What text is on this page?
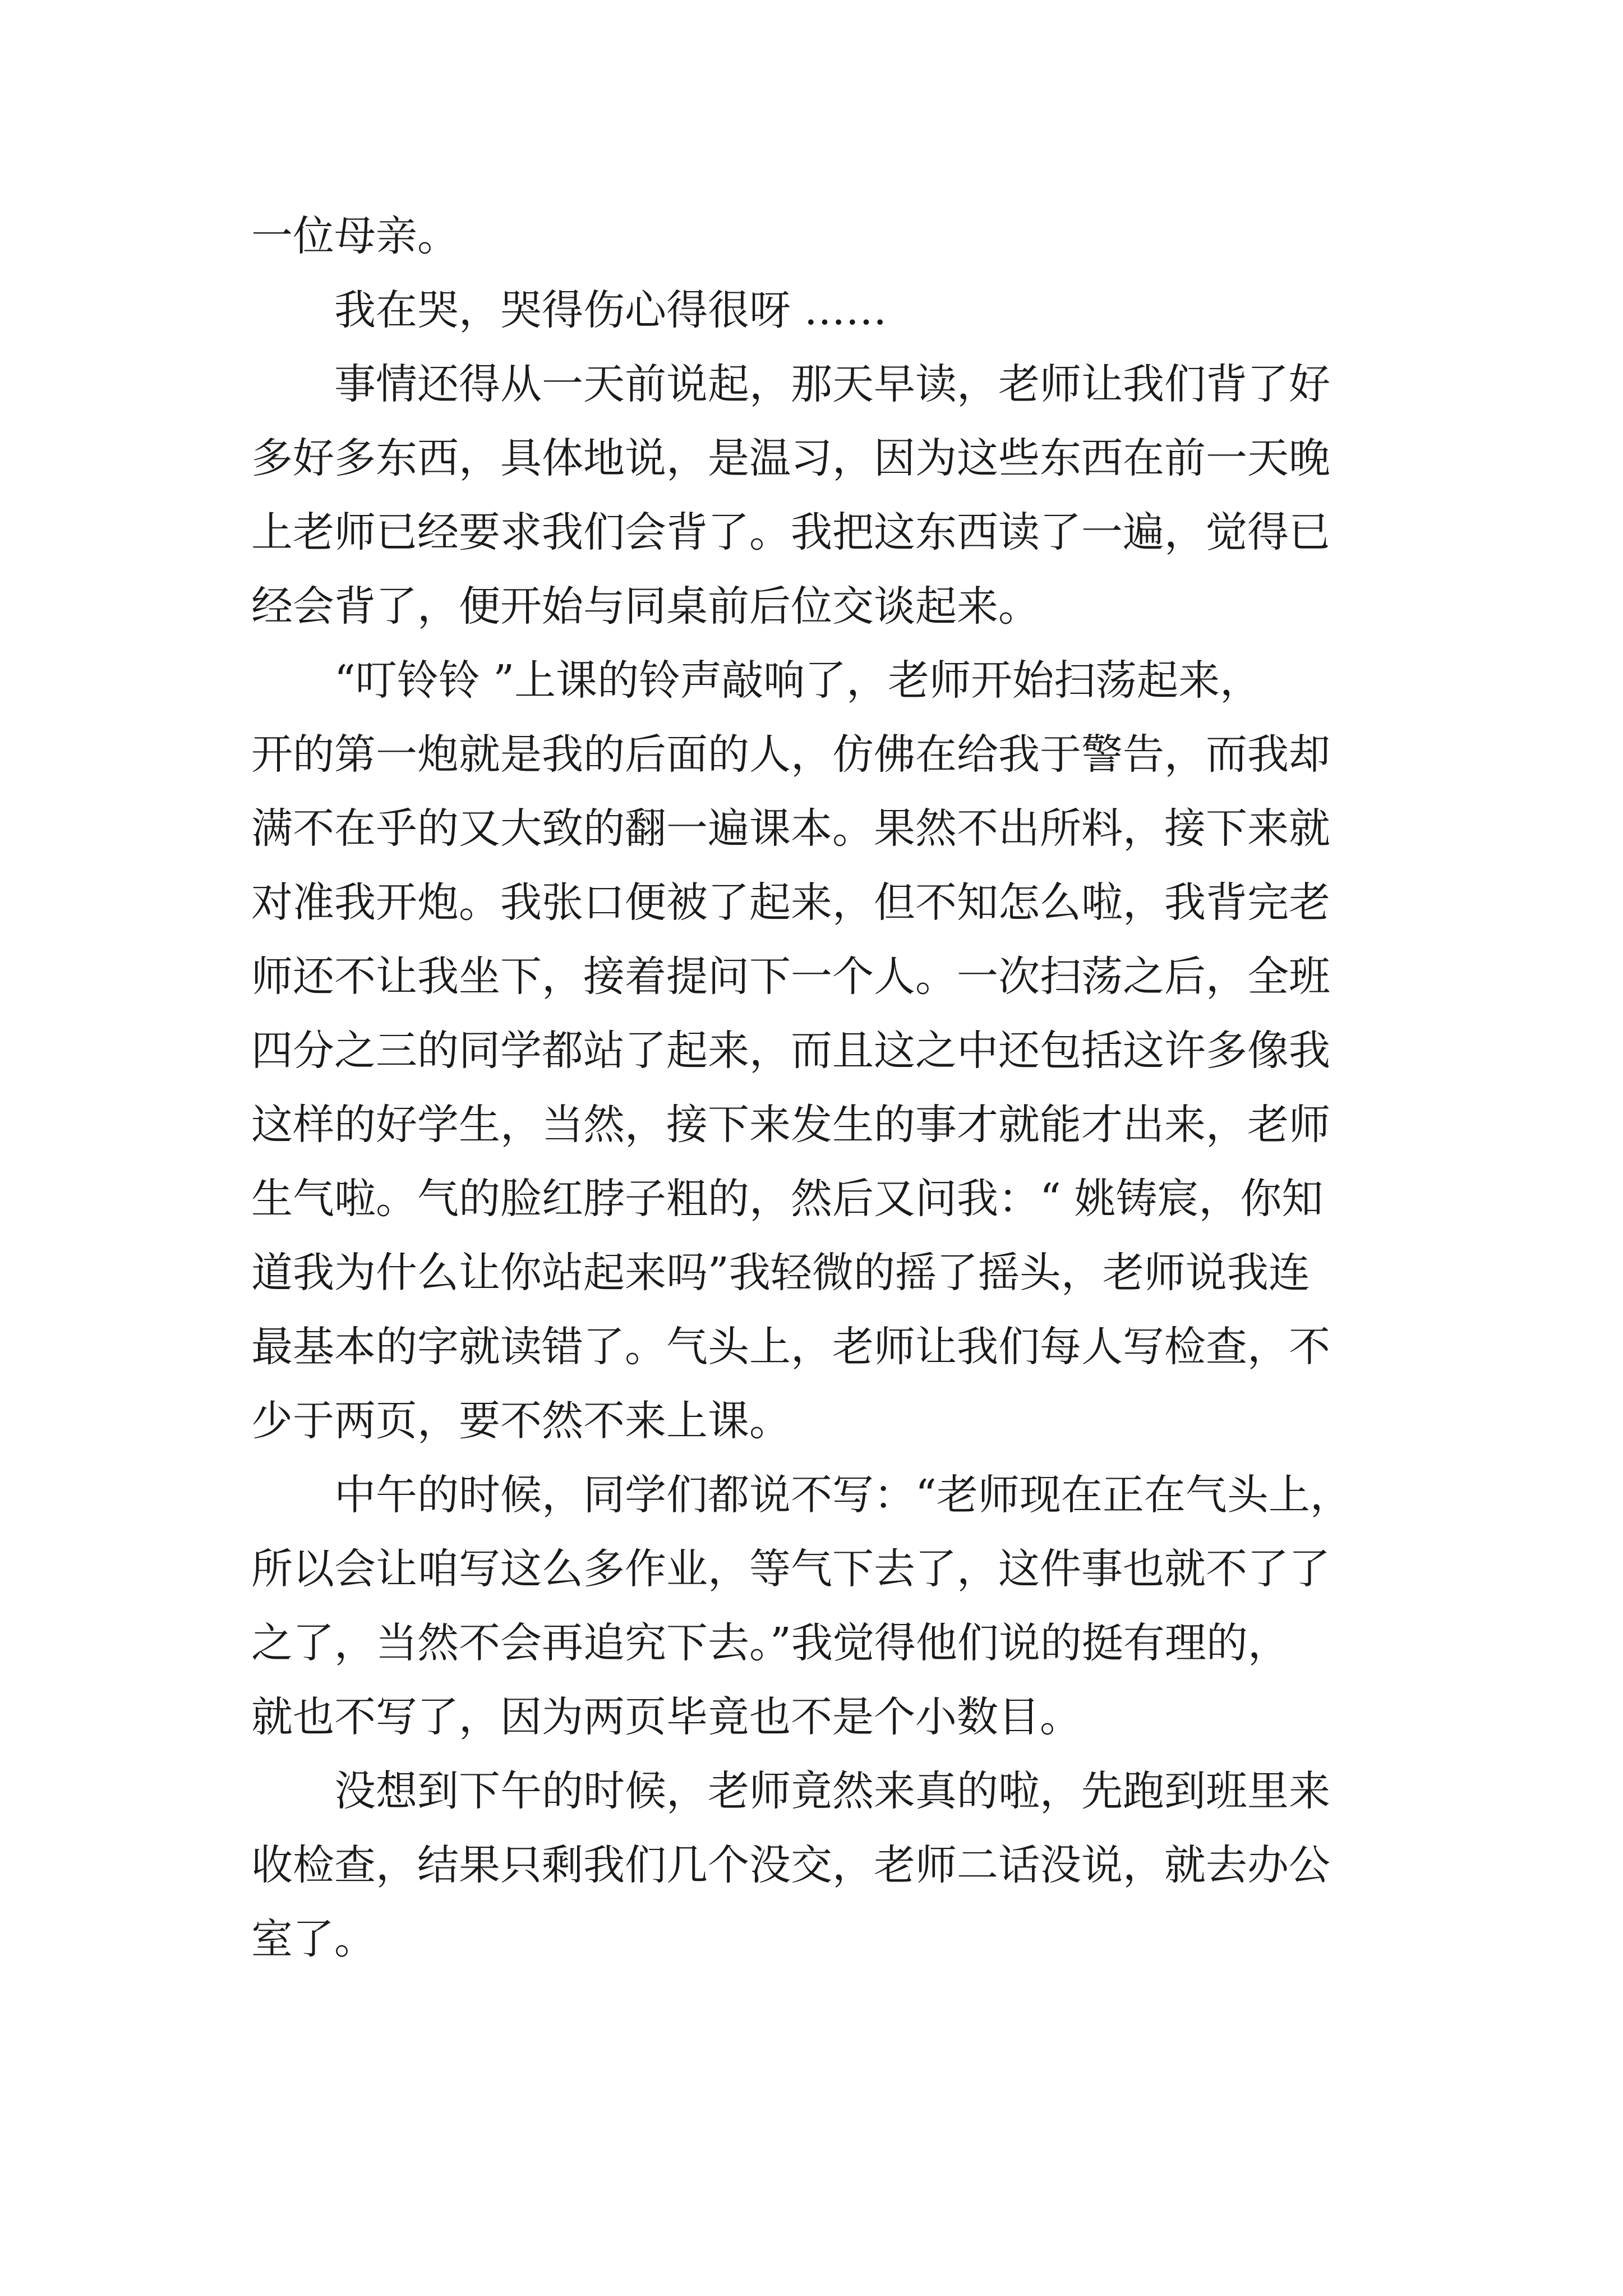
一位母亲。
我在哭，哭得伤心得很呀 ……
事情还得从一天前说起，那天早读，老师让我们背了好
多好多东西，具体地说，是温习，因为这些东西在前一天晚
上老师已经要求我们会背了。我把这东西读了一遍，觉得已
经会背了，便开始与同桌前后位交谈起来。
“叮铃铃 ”上课的铃声敲响了，老师开始扫荡起来，
开的第一炮就是我的后面的人，仿佛在给我于警告，而我却
满不在乎的又大致的翻一遍课本。果然不出所料，接下来就
对准我开炮。我张口便被了起来，但不知怎么啦，我背完老
师还不让我坐下，接着提问下一个人。一次扫荡之后，全班
四分之三的同学都站了起来，而且这之中还包括这许多像我
这样的好学生，当然，接下来发生的事才就能才出来，老师
生气啦。气的脸红脖子粗的，然后又问我：“ 姚铸宸，你知
道我为什么让你站起来吗”我轻微的摇了摇头，老师说我连
最基本的字就读错了。气头上，老师让我们每人写检查，不
少于两页，要不然不来上课。
中午的时候，同学们都说不写：“老师现在正在气头上，
所以会让咱写这么多作业，等气下去了，这件事也就不了了
之了，当然不会再追究下去。”我觉得他们说的挺有理的，
就也不写了，因为两页毕竟也不是个小数目。
没想到下午的时候，老师竟然来真的啦，先跑到班里来
收检查，结果只剩我们几个没交，老师二话没说，就去办公
室了。
